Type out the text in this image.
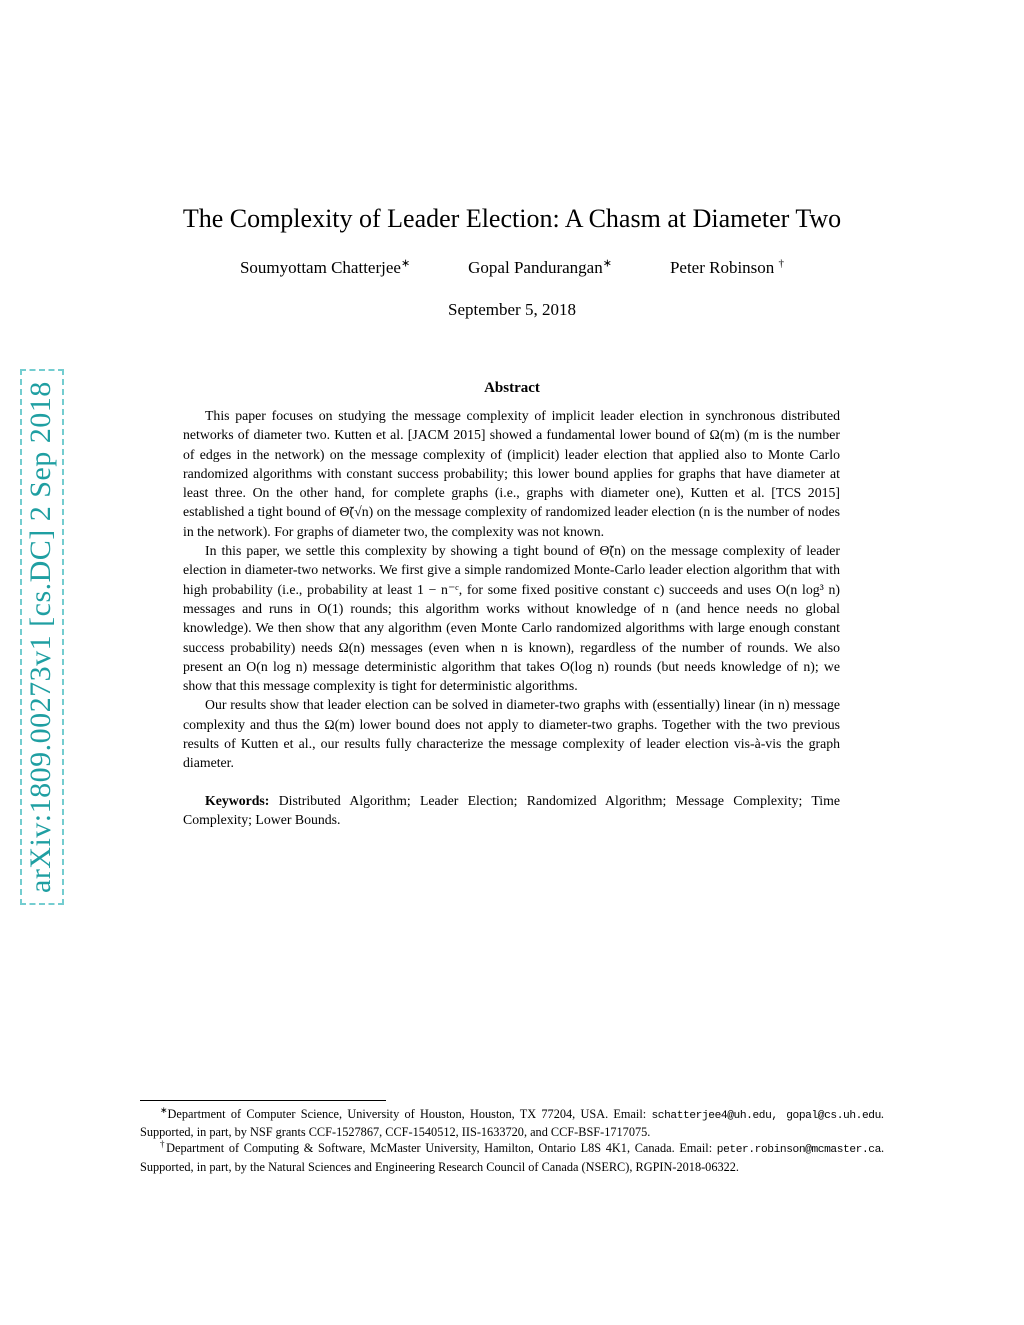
arXiv:1809.00273v1 [cs.DC] 2 Sep 2018
The Complexity of Leader Election: A Chasm at Diameter Two
Soumyottam Chatterjee∗	Gopal Pandurangan∗	Peter Robinson †
September 5, 2018
Abstract

This paper focuses on studying the message complexity of implicit leader election in synchronous distributed networks of diameter two. Kutten et al. [JACM 2015] showed a fundamental lower bound of Ω(m) (m is the number of edges in the network) on the message complexity of (implicit) leader election that applied also to Monte Carlo randomized algorithms with constant success probability; this lower bound applies for graphs that have diameter at least three. On the other hand, for complete graphs (i.e., graphs with diameter one), Kutten et al. [TCS 2015] established a tight bound of Θ̃(√n) on the message complexity of randomized leader election (n is the number of nodes in the network). For graphs of diameter two, the complexity was not known.

In this paper, we settle this complexity by showing a tight bound of Θ̃(n) on the message complexity of leader election in diameter-two networks. We first give a simple randomized Monte-Carlo leader election algorithm that with high probability (i.e., probability at least 1 − n⁻ᶜ, for some fixed positive constant c) succeeds and uses O(n log³ n) messages and runs in O(1) rounds; this algorithm works without knowledge of n (and hence needs no global knowledge). We then show that any algorithm (even Monte Carlo randomized algorithms with large enough constant success probability) needs Ω(n) messages (even when n is known), regardless of the number of rounds. We also present an O(n log n) message deterministic algorithm that takes O(log n) rounds (but needs knowledge of n); we show that this message complexity is tight for deterministic algorithms.

Our results show that leader election can be solved in diameter-two graphs with (essentially) linear (in n) message complexity and thus the Ω(m) lower bound does not apply to diameter-two graphs. Together with the two previous results of Kutten et al., our results fully characterize the message complexity of leader election vis-à-vis the graph diameter.

Keywords: Distributed Algorithm; Leader Election; Randomized Algorithm; Message Complexity; Time Complexity; Lower Bounds.

∗Department of Computer Science, University of Houston, Houston, TX 77204, USA. Email: schatterjee4@uh.edu, gopal@cs.uh.edu. Supported, in part, by NSF grants CCF-1527867, CCF-1540512, IIS-1633720, and CCF-BSF-1717075.

†Department of Computing & Software, McMaster University, Hamilton, Ontario L8S 4K1, Canada. Email: peter.robinson@mcmaster.ca. Supported, in part, by the Natural Sciences and Engineering Research Council of Canada (NSERC), RGPIN-2018-06322.
